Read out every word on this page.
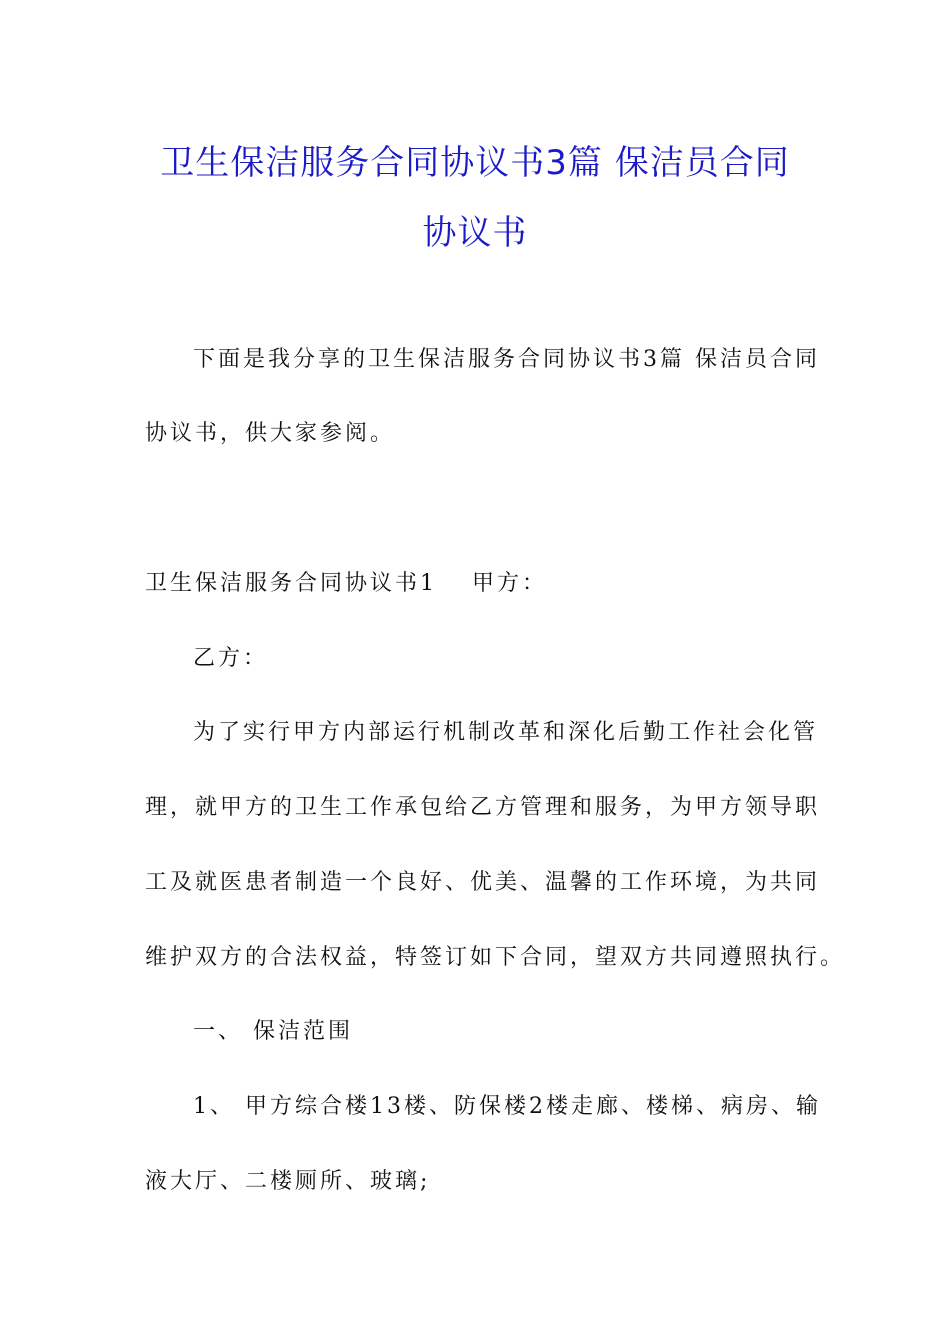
卫生保洁服务合同协议书3篇 保洁员合同
协议书
下面是我分享的卫生保洁服务合同协议书3篇 保洁员合同
协议书，供大家参阅。
卫生保洁服务合同协议书1 甲方：
乙方：
为了实行甲方内部运行机制改革和深化后勤工作社会化管
理，就甲方的卫生工作承包给乙方管理和服务，为甲方领导职
工及就医患者制造一个良好、优美、温馨的工作环境，为共同
维护双方的合法权益，特签订如下合同，望双方共同遵照执行。
一、 保洁范围
1、 甲方综合楼13楼、防保楼2楼走廊、楼梯、病房、输
液大厅、二楼厕所、玻璃;
